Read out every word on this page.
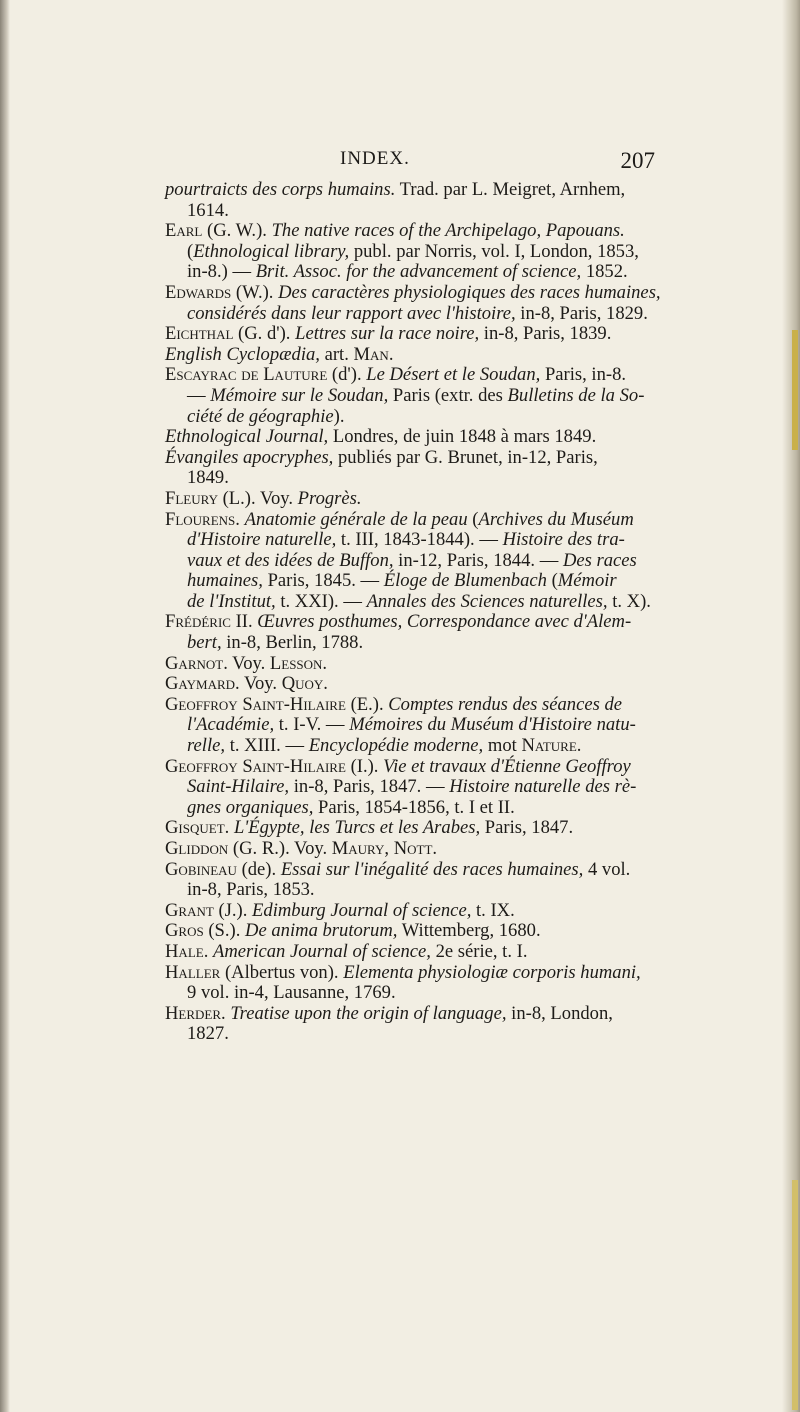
INDEX.	207
pourtraicts des corps humains. Trad. par L. Meigret, Arnhem,
1614.
Earl (G. W.). The native races of the Archipelago, Papouans.
(Ethnological library, publ. par Norris, vol. I, London, 1853,
in-8.) — Brit. Assoc. for the advancement of science, 1852.
Edwards (W.). Des caractères physiologiques des races humaines,
considérés dans leur rapport avec l'histoire, in-8, Paris, 1829.
Eichthal (G. d'). Lettres sur la race noire, in-8, Paris, 1839.
English Cyclopædia, art. Man.
Escayrac de Lauture (d'). Le Désert et le Soudan, Paris, in-8.
— Mémoire sur le Soudan, Paris (extr. des Bulletins de la So-
ciété de géographie).
Ethnological Journal, Londres, de juin 1848 à mars 1849.
Évangiles apocryphes, publiés par G. Brunet, in-12, Paris,
1849.
Fleury (L.). Voy. Progrès.
Flourens. Anatomie générale de la peau (Archives du Muséum
d'Histoire naturelle, t. III, 1843-1844). — Histoire des tra-
vaux et des idées de Buffon, in-12, Paris, 1844. — Des races
humaines, Paris, 1845. — Éloge de Blumenbach (Mémoir
de l'Institut, t. XXI). — Annales des Sciences naturelles, t. X).
Frédéric II. Œuvres posthumes, Correspondance avec d'Alem-
bert, in-8, Berlin, 1788.
Garnot. Voy. Lesson.
Gaymard. Voy. Quoy.
Geoffroy Saint-Hilaire (E.). Comptes rendus des séances de
l'Académie, t. I-V. — Mémoires du Muséum d'Histoire natu-
relle, t. XIII. — Encyclopédie moderne, mot Nature.
Geoffroy Saint-Hilaire (I.). Vie et travaux d'Étienne Geoffroy
Saint-Hilaire, in-8, Paris, 1847. — Histoire naturelle des rè-
gnes organiques, Paris, 1854-1856, t. I et II.
Gisquet. L'Égypte, les Turcs et les Arabes, Paris, 1847.
Gliddon (G. R.). Voy. Maury, Nott.
Gobineau (de). Essai sur l'inégalité des races humaines, 4 vol.
in-8, Paris, 1853.
Grant (J.). Edimburg Journal of science, t. IX.
Gros (S.). De anima brutorum, Wittemberg, 1680.
Hale. American Journal of science, 2e série, t. I.
Haller (Albertus von). Elementa physiologiæ corporis humani,
9 vol. in-4, Lausanne, 1769.
Herder. Treatise upon the origin of language, in-8, London,
1827.
